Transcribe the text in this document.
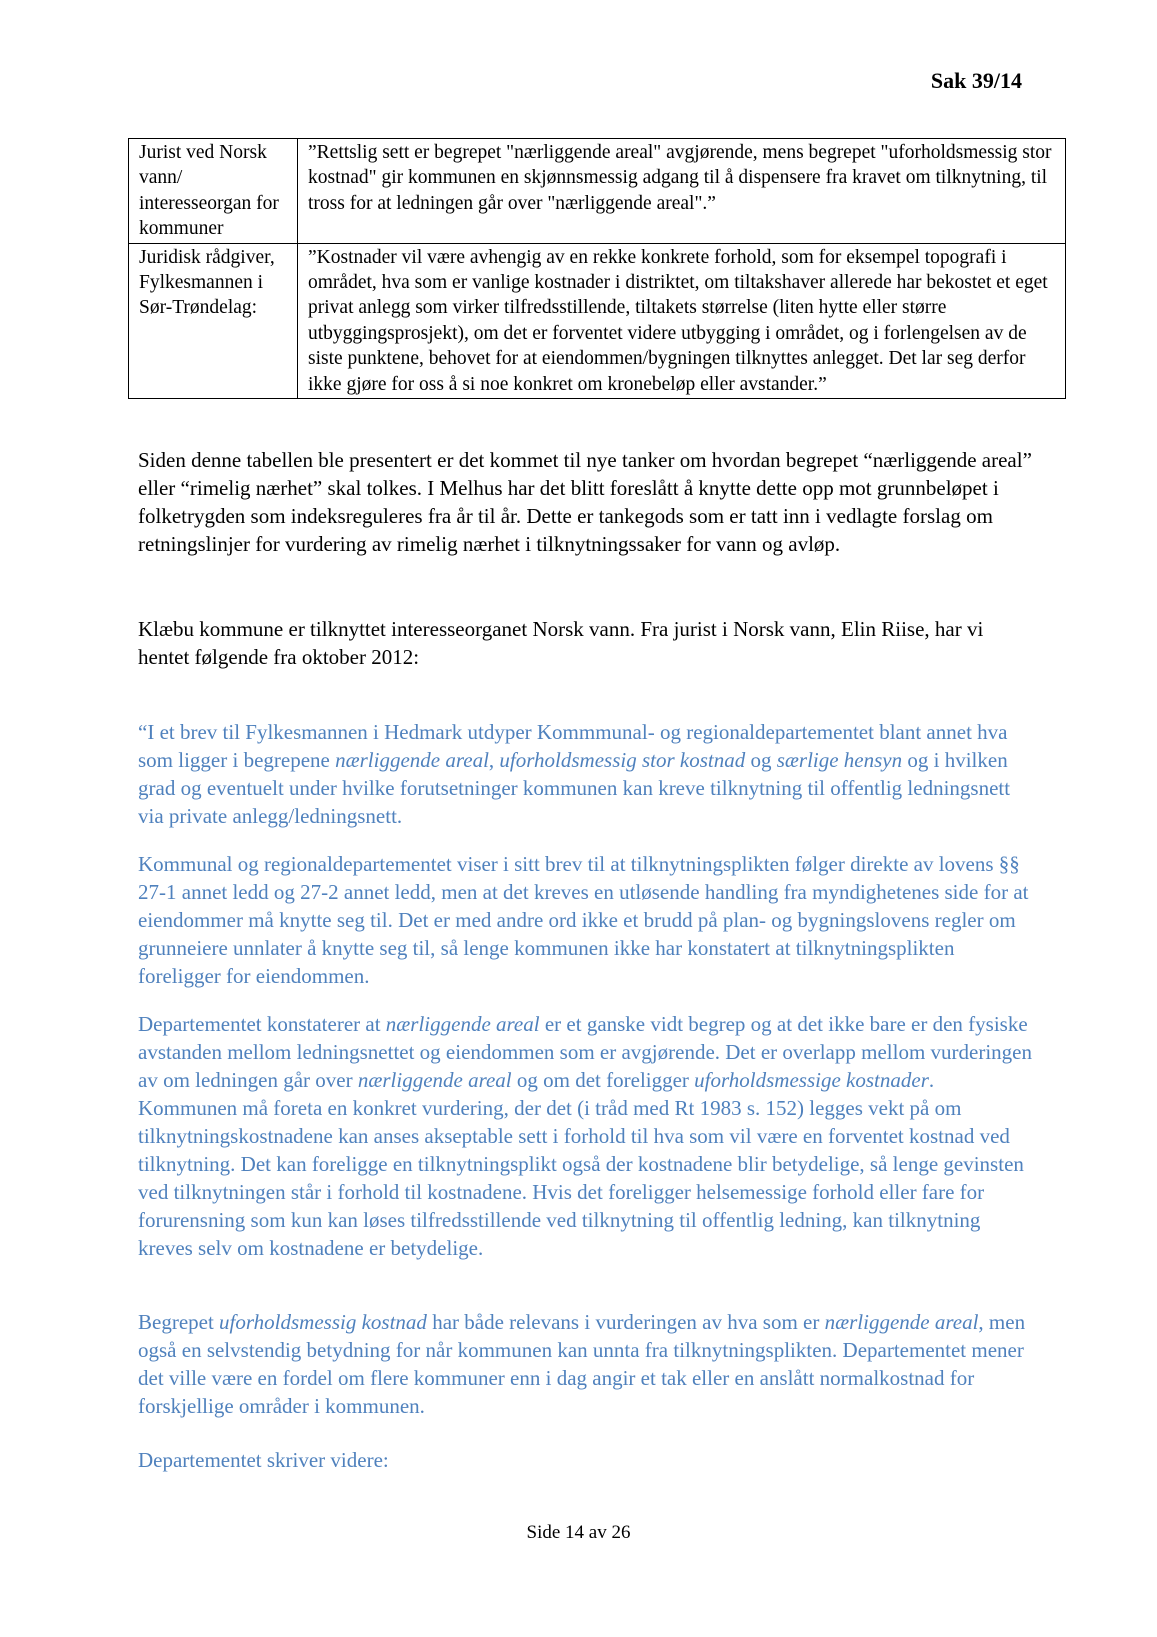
Sak 39/14
Jurist ved Norsk vann/ interesseorgan for kommuner	”Rettslig sett er begrepet "nærliggende areal" avgjørende, mens begrepet "uforholdsmessig stor kostnad" gir kommunen en skjønnsmessig adgang til å dispensere fra kravet om tilknytning, til tross for at ledningen går over "nærliggende areal".”
Juridisk rådgiver, Fylkesmannen i Sør-Trøndelag:	”Kostnader vil være avhengig av en rekke konkrete forhold, som for eksempel topografi i området, hva som er vanlige kostnader i distriktet, om tiltakshaver allerede har bekostet et eget privat anlegg som virker tilfredsstillende, tiltakets størrelse (liten hytte eller større utbyggingsprosjekt), om det er forventet videre utbygging i området, og i forlengelsen av de siste punktene, behovet for at eiendommen/bygningen tilknyttes anlegget. Det lar seg derfor ikke gjøre for oss å si noe konkret om kronebeløp eller avstander.”

Siden denne tabellen ble presentert er det kommet til nye tanker om hvordan begrepet “nærliggende areal” eller “rimelig nærhet” skal tolkes. I Melhus har det blitt foreslått å knytte dette opp mot grunnbeløpet i folketrygden som indeksreguleres fra år til år. Dette er tankegods som er tatt inn i vedlagte forslag om retningslinjer for vurdering av rimelig nærhet i tilknytningssaker for vann og avløp.

Klæbu kommune er tilknyttet interesseorganet Norsk vann. Fra jurist i Norsk vann, Elin Riise, har vi hentet følgende fra oktober 2012:

“I et brev til Fylkesmannen i Hedmark utdyper Kommmunal- og regionaldepartementet blant annet hva som ligger i begrepene nærliggende areal, uforholdsmessig stor kostnad og særlige hensyn og i hvilken grad og eventuelt under hvilke forutsetninger kommunen kan kreve tilknytning til offentlig ledningsnett via private anlegg/ledningsnett.

Kommunal og regionaldepartementet viser i sitt brev til at tilknytningsplikten følger direkte av lovens §§ 27-1 annet ledd og 27-2 annet ledd, men at det kreves en utløsende handling fra myndighetenes side for at eiendommer må knytte seg til. Det er med andre ord ikke et brudd på plan- og bygningslovens regler om grunneiere unnlater å knytte seg til, så lenge kommunen ikke har konstatert at tilknytningsplikten foreligger for eiendommen.

Departementet konstaterer at nærliggende areal er et ganske vidt begrep og at det ikke bare er den fysiske avstanden mellom ledningsnettet og eiendommen som er avgjørende. Det er overlapp mellom vurderingen av om ledningen går over nærliggende areal og om det foreligger uforholdsmessige kostnader. Kommunen må foreta en konkret vurdering, der det (i tråd med Rt 1983 s. 152) legges vekt på om tilknytningskostnadene kan anses akseptable sett i forhold til hva som vil være en forventet kostnad ved tilknytning. Det kan foreligge en tilknytningsplikt også der kostnadene blir betydelige, så lenge gevinsten ved tilknytningen står i forhold til kostnadene. Hvis det foreligger helsemessige forhold eller fare for forurensning som kun kan løses tilfredsstillende ved tilknytning til offentlig ledning, kan tilknytning kreves selv om kostnadene er betydelige.

Begrepet uforholdsmessig kostnad har både relevans i vurderingen av hva som er nærliggende areal, men også en selvstendig betydning for når kommunen kan unnta fra tilknytningsplikten. Departementet mener det ville være en fordel om flere kommuner enn i dag angir et tak eller en anslått normalkostnad for forskjellige områder i kommunen.

Departementet skriver videre:

Side 14 av 26
